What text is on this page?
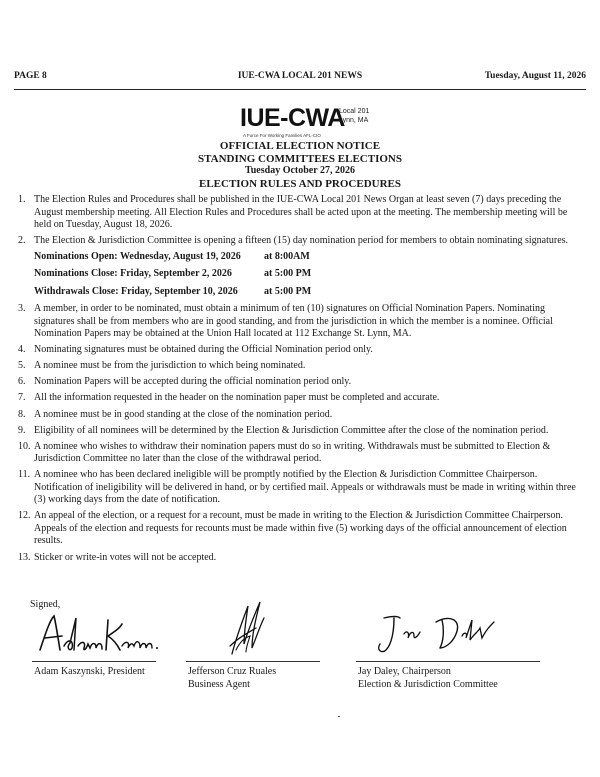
PAGE 8	IUE-CWA LOCAL 201 NEWS	Tuesday, August 11, 2026
IUE-CWA
Local 201
Lynn, MA
A Force For Working Families AFL-CIO
OFFICIAL ELECTION NOTICE
STANDING COMMITTEES ELECTIONS
Tuesday October 27, 2026
ELECTION RULES AND PROCEDURES
1. The Election Rules and Procedures shall be published in the IUE-CWA Local 201 News Organ at least seven (7) days preceding the August membership meeting. All Election Rules and Procedures shall be acted upon at the meeting. The membership meeting will be held on Tuesday, August 18, 2026.
2. The Election & Jurisdiction Committee is opening a fifteen (15) day nomination period for members to obtain nominating signatures.
Nominations Open: Wednesday, August 19, 2026	at 8:00AM
Nominations Close: Friday, September 2, 2026	at 5:00 PM
Withdrawals Close: Friday, September 10, 2026	at 5:00 PM
3. A member, in order to be nominated, must obtain a minimum of ten (10) signatures on Official Nomination Papers. Nominating signatures shall be from members who are in good standing, and from the jurisdiction in which the member is a nominee. Official Nomination Papers may be obtained at the Union Hall located at 112 Exchange St. Lynn, MA.
4. Nominating signatures must be obtained during the Official Nomination period only.
5. A nominee must be from the jurisdiction to which being nominated.
6. Nomination Papers will be accepted during the official nomination period only.
7. All the information requested in the header on the nomination paper must be completed and accurate.
8. A nominee must be in good standing at the close of the nomination period.
9. Eligibility of all nominees will be determined by the Election & Jurisdiction Committee after the close of the nomination period.
10. A nominee who wishes to withdraw their nomination papers must do so in writing. Withdrawals must be submitted to Election & Jurisdiction Committee no later than the close of the withdrawal period.
11. A nominee who has been declared ineligible will be promptly notified by the Election & Jurisdiction Committee Chairperson. Notification of ineligibility will be delivered in hand, or by certified mail. Appeals or withdrawals must be made in writing within three (3) working days from the date of notification.
12. An appeal of the election, or a request for a recount, must be made in writing to the Election & Jurisdiction Committee Chairperson. Appeals of the election and requests for recounts must be made within five (5) working days of the official announcement of election results.
13. Sticker or write-in votes will not be accepted.
Signed,
Adam Kaszynski, President	Jefferson Cruz Ruales
Business Agent
Jay Daley, Chairperson
Election & Jurisdiction Committee
